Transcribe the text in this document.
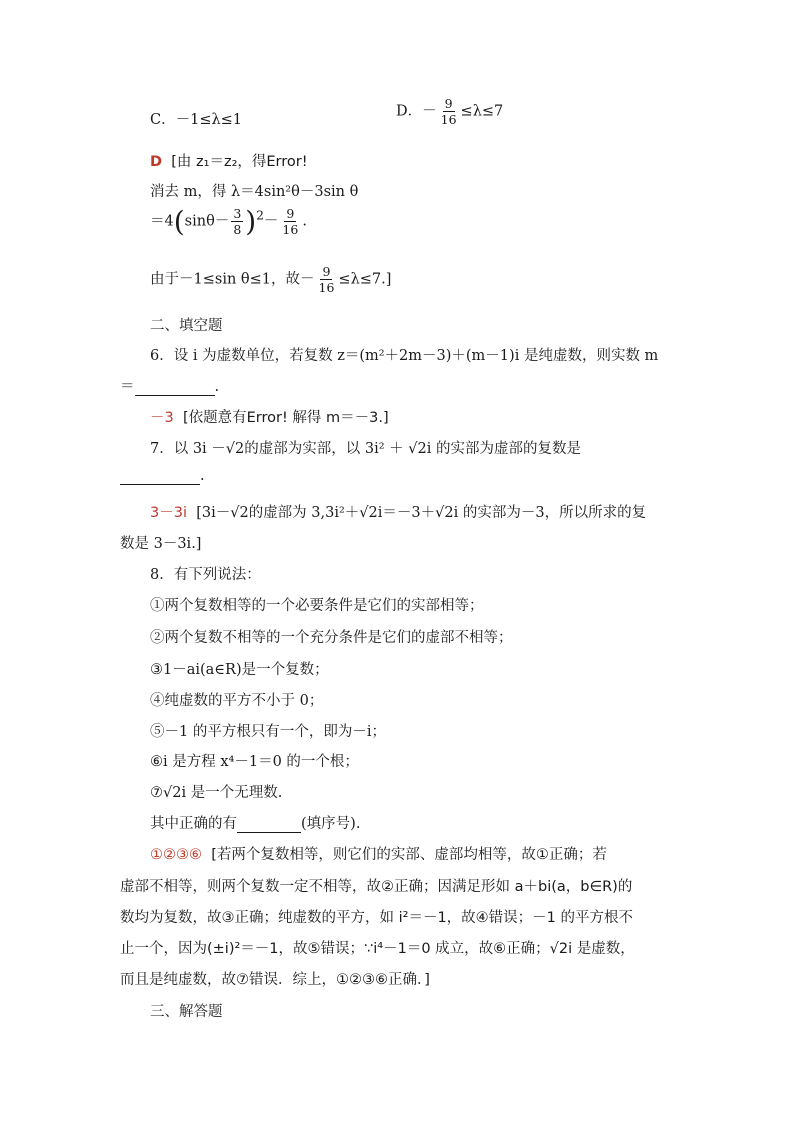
C．－1≤λ≤1
D．－ $\frac{9}{16} \le\lambda\le 7$
D [由 z₁＝z₂，得Error!
消去 m，得 λ＝4sin²θ－3sin θ
$=4(\sin\theta- \frac{3}{8} )^2- \frac{9}{16}$ .
由于－1≤sin θ≤1，故－ $\frac{9}{16} \le\lambda\le 7$.]
二、填空题
6．设 i 为虚数单位，若复数 z＝(m²＋2m－3)＋(m－1)i 是纯虚数，则实数 m
＝	.
－3 [依题意有Error! 解得 m＝－3.]
7．以 3i －√2的虚部为实部，以 3i² ＋ √2i 的实部为虚部的复数是
.
3－3i [3i－√2的虚部为 3,3i²＋√2i＝－3＋√2i 的实部为－3，所以所求的复
数是 3－3i.]
8．有下列说法：
①两个复数相等的一个必要条件是它们的实部相等；
②两个复数不相等的一个充分条件是它们的虚部不相等；
③1－ai(a∈R)是一个复数；
④纯虚数的平方不小于 0；
⑤－1 的平方根只有一个，即为－i；
⑥i 是方程 x⁴－1＝0 的一个根；
⑦√2i 是一个无理数.
其中正确的有	(填序号).
①②③⑥ [若两个复数相等，则它们的实部、虚部均相等，故①正确；若
虚部不相等，则两个复数一定不相等，故②正确；因满足形如 a＋bi(a，b∈R)的
数均为复数，故③正确；纯虚数的平方，如 i²＝－1，故④错误；－1 的平方根不
止一个，因为(±i)²＝－1，故⑤错误；∵i⁴－1＝0 成立，故⑥正确；√2i 是虚数，
而且是纯虚数，故⑦错误．综上，①②③⑥正确．]
三、解答题
